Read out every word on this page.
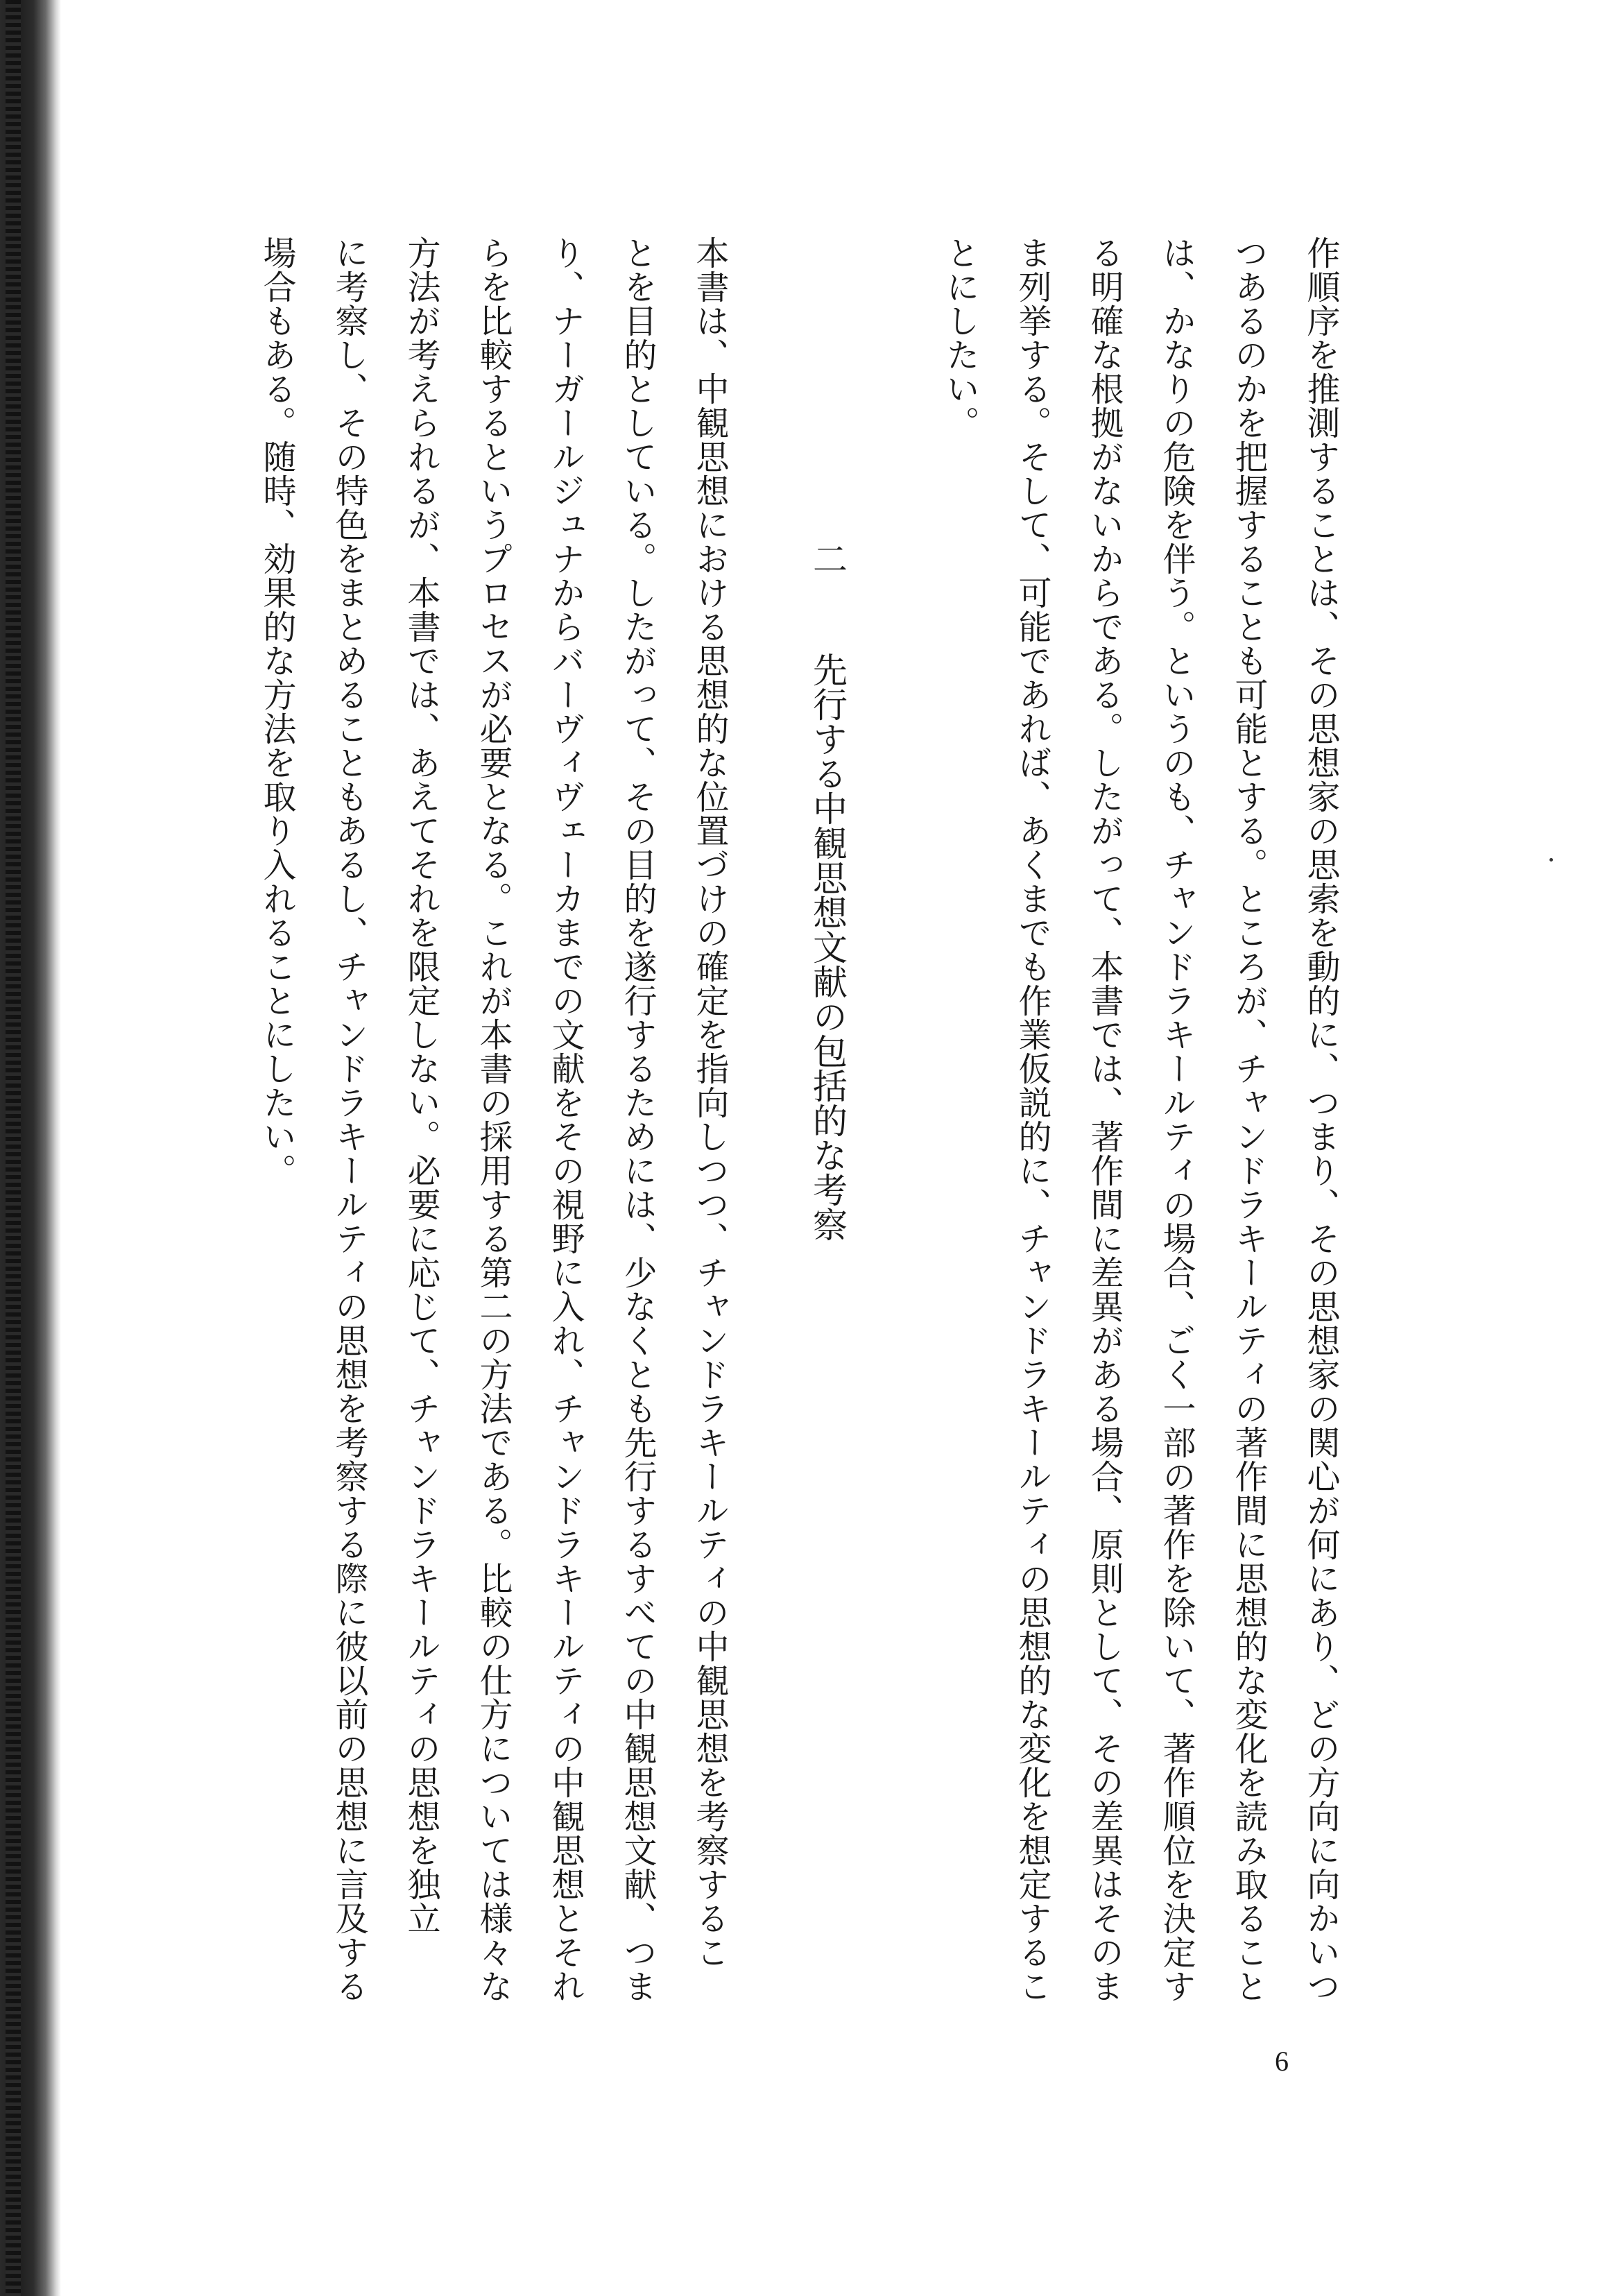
作順序を推測することは、その思想家の思索を動的に、つまり、その思想家の関心が何にあり、どの方向に向かいつ
つあるのかを把握することも可能とする。ところが、チャンドラキールティの著作間に思想的な変化を読み取ること
は、かなりの危険を伴う。というのも、チャンドラキールティの場合、ごく一部の著作を除いて、著作順位を決定す
る明確な根拠がないからである。したがって、本書では、著作間に差異がある場合、原則として、その差異はそのま
ま列挙する。そして、可能であれば、あくまでも作業仮説的に、チャンドラキールティの思想的な変化を想定するこ
とにしたい。
二 先行する中観思想文献の包括的な考察
本書は、中観思想における思想的な位置づけの確定を指向しつつ、チャンドラキールティの中観思想を考察するこ
とを目的としている。したがって、その目的を遂行するためには、少なくとも先行するすべての中観思想文献、つま
り、ナーガールジュナからバーヴィヴェーカまでの文献をその視野に入れ、チャンドラキールティの中観思想とそれ
らを比較するというプロセスが必要となる。これが本書の採用する第二の方法である。比較の仕方については様々な
方法が考えられるが、本書では、あえてそれを限定しない。必要に応じて、チャンドラキールティの思想を独立
に考察し、その特色をまとめることもあるし、チャンドラキールティの思想を考察する際に彼以前の思想に言及する
場合もある。随時、効果的な方法を取り入れることにしたい。
6
